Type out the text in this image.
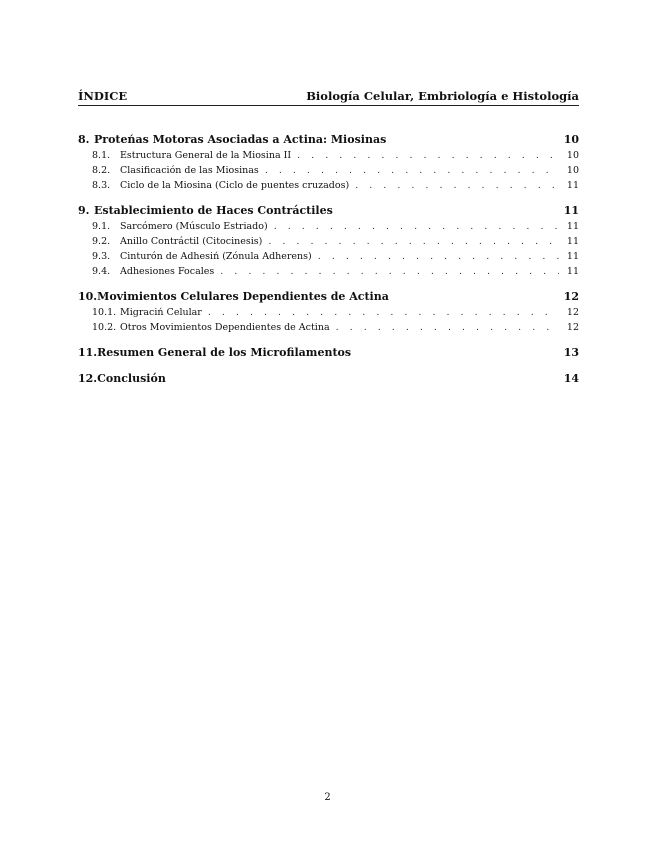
ÍNDICE	Biología Celular, Embriología e Histología
8. Proteńas Motoras Asociadas a Actina: Miosinas	10
8.1.	Estructura General de la Miosina II . . .	10
8.2.	Clasificación de las Miosinas . . .	10
8.3.	Ciclo de la Miosina (Ciclo de puentes cruzados) . . .	11
9. Establecimiento de Haces Contráctiles	11
9.1.	Sarcómero (Músculo Estriado) . . .	11
9.2.	Anillo Contráctil (Citocinesis) . . .	11
9.3.	Cinturón de Adhesiń (Zónula Adherens) . . .	11
9.4.	Adhesiones Focales . . .	11
10. Movimientos Celulares Dependientes de Actina	12
10.1. Migraciń Celular . . .	12
10.2. Otros Movimientos Dependientes de Actina . . .	12
11. Resumen General de los Microfilamentos	13
12. Conclusión	14
2
